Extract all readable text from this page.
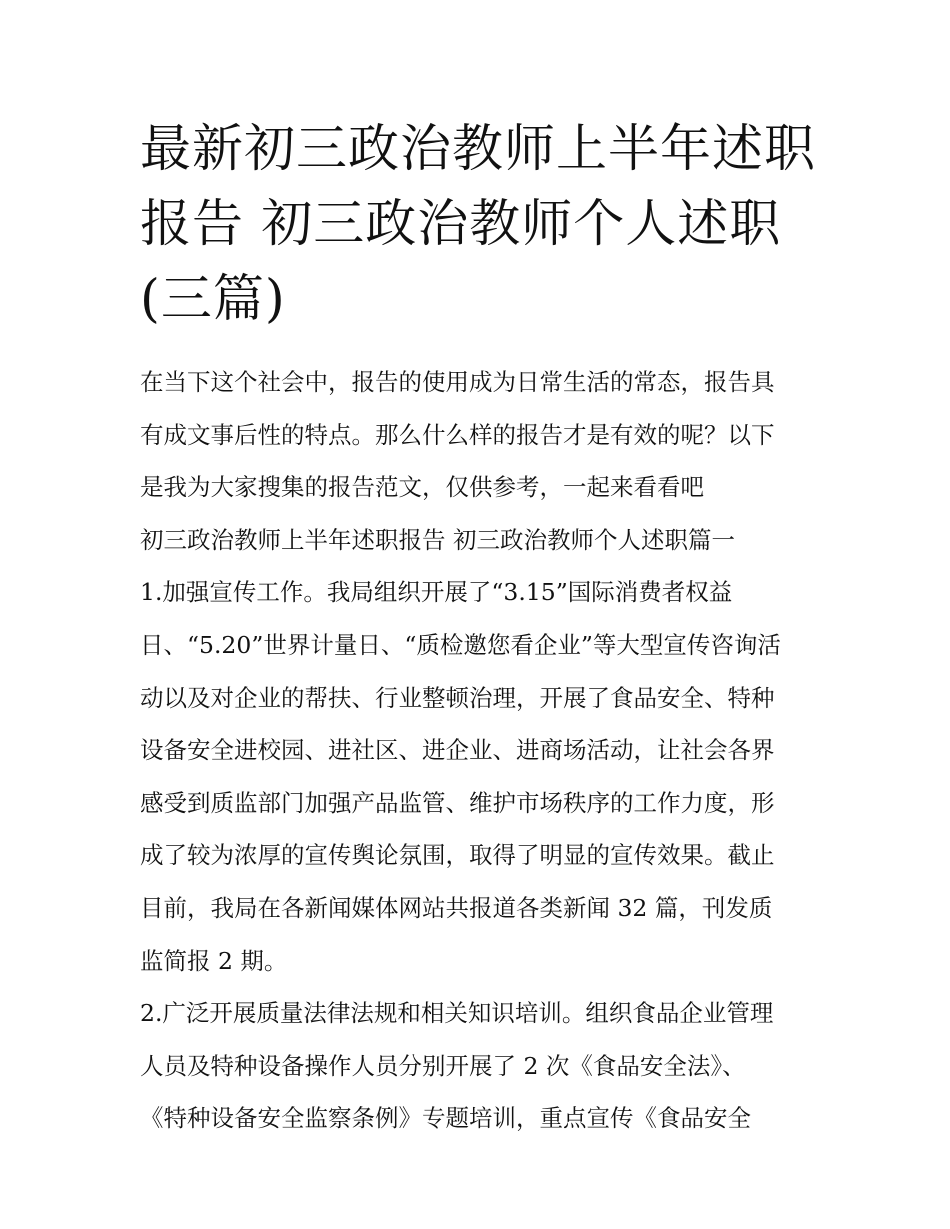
最新初三政治教师上半年述职
报告 初三政治教师个人述职
(三篇)
在当下这个社会中，报告的使用成为日常生活的常态，报告具
有成文事后性的特点。那么什么样的报告才是有效的呢？以下
是我为大家搜集的报告范文，仅供参考，一起来看看吧
初三政治教师上半年述职报告 初三政治教师个人述职篇一
1.加强宣传工作。我局组织开展了“3.15”国际消费者权益
日、“5.20”世界计量日、“质检邀您看企业”等大型宣传咨询活
动以及对企业的帮扶、行业整顿治理，开展了食品安全、特种
设备安全进校园、进社区、进企业、进商场活动，让社会各界
感受到质监部门加强产品监管、维护市场秩序的工作力度，形
成了较为浓厚的宣传舆论氛围，取得了明显的宣传效果。截止
目前，我局在各新闻媒体网站共报道各类新闻 32 篇，刊发质
监简报 2 期。
2.广泛开展质量法律法规和相关知识培训。组织食品企业管理
人员及特种设备操作人员分别开展了 2 次《食品安全法》、
《特种设备安全监察条例》专题培训，重点宣传《食品安全
